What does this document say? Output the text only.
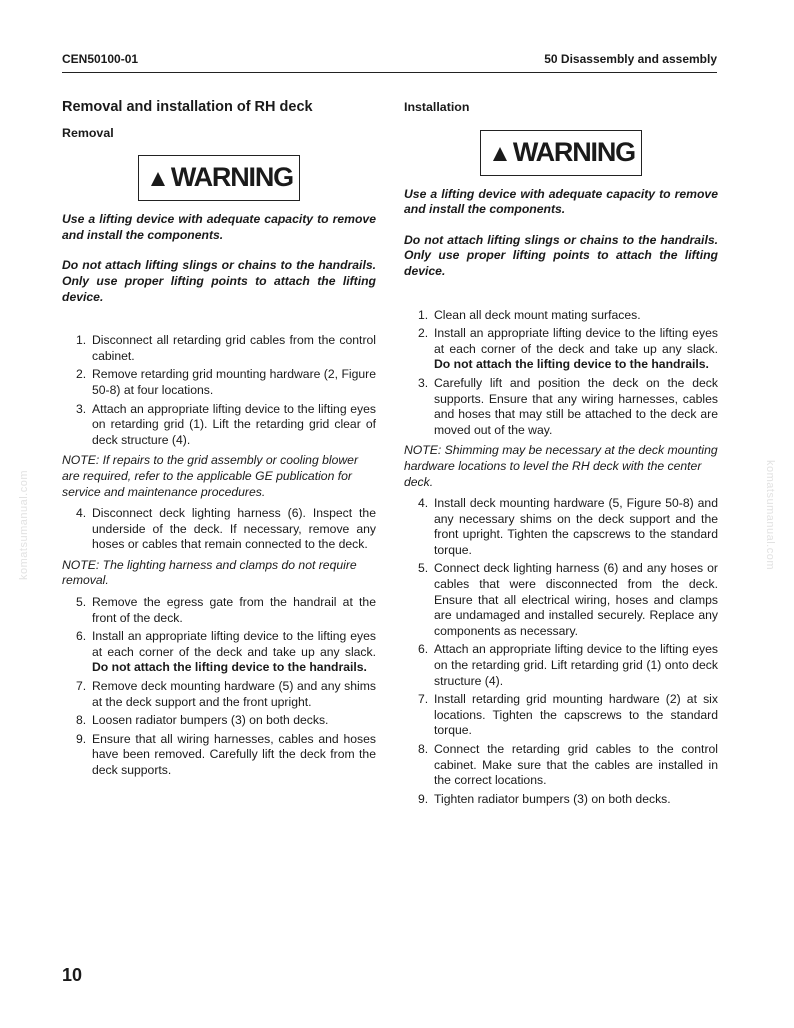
CEN50100-01	50 Disassembly and assembly
komatsumanual.com	komatsumanual.com
Removal and installation of RH deck
Removal
▲WARNING

Use a lifting device with adequate capacity to remove and install the components.

Do not attach lifting slings or chains to the handrails. Only use proper lifting points to attach the lifting device.

1. Disconnect all retarding grid cables from the control cabinet.
2. Remove retarding grid mounting hardware (2, Figure 50-8) at four locations.
3. Attach an appropriate lifting device to the lifting eyes on retarding grid (1). Lift the retarding grid clear of deck structure (4).
NOTE: If repairs to the grid assembly or cooling blower are required, refer to the applicable GE publication for service and maintenance procedures.
4. Disconnect deck lighting harness (6). Inspect the underside of the deck. If necessary, remove any hoses or cables that remain connected to the deck.
NOTE: The lighting harness and clamps do not require removal.
5. Remove the egress gate from the handrail at the front of the deck.
6. Install an appropriate lifting device to the lifting eyes at each corner of the deck and take up any slack. Do not attach the lifting device to the handrails.
7. Remove deck mounting hardware (5) and any shims at the deck support and the front upright.
8. Loosen radiator bumpers (3) on both decks.
9. Ensure that all wiring harnesses, cables and hoses have been removed. Carefully lift the deck from the deck supports.
Installation
▲WARNING

Use a lifting device with adequate capacity to remove and install the components.

Do not attach lifting slings or chains to the handrails. Only use proper lifting points to attach the lifting device.

1. Clean all deck mount mating surfaces.
2. Install an appropriate lifting device to the lifting eyes at each corner of the deck and take up any slack. Do not attach the lifting device to the handrails.
3. Carefully lift and position the deck on the deck supports. Ensure that any wiring harnesses, cables and hoses that may still be attached to the deck are moved out of the way.
NOTE: Shimming may be necessary at the deck mounting hardware locations to level the RH deck with the center deck.
4. Install deck mounting hardware (5, Figure 50-8) and any necessary shims on the deck support and the front upright. Tighten the capscrews to the standard torque.
5. Connect deck lighting harness (6) and any hoses or cables that were disconnected from the deck. Ensure that all electrical wiring, hoses and clamps are undamaged and installed securely. Replace any components as necessary.
6. Attach an appropriate lifting device to the lifting eyes on the retarding grid. Lift retarding grid (1) onto deck structure (4).
7. Install retarding grid mounting hardware (2) at six locations. Tighten the capscrews to the standard torque.
8. Connect the retarding grid cables to the control cabinet. Make sure that the cables are installed in the correct locations.
9. Tighten radiator bumpers (3) on both decks.
10
